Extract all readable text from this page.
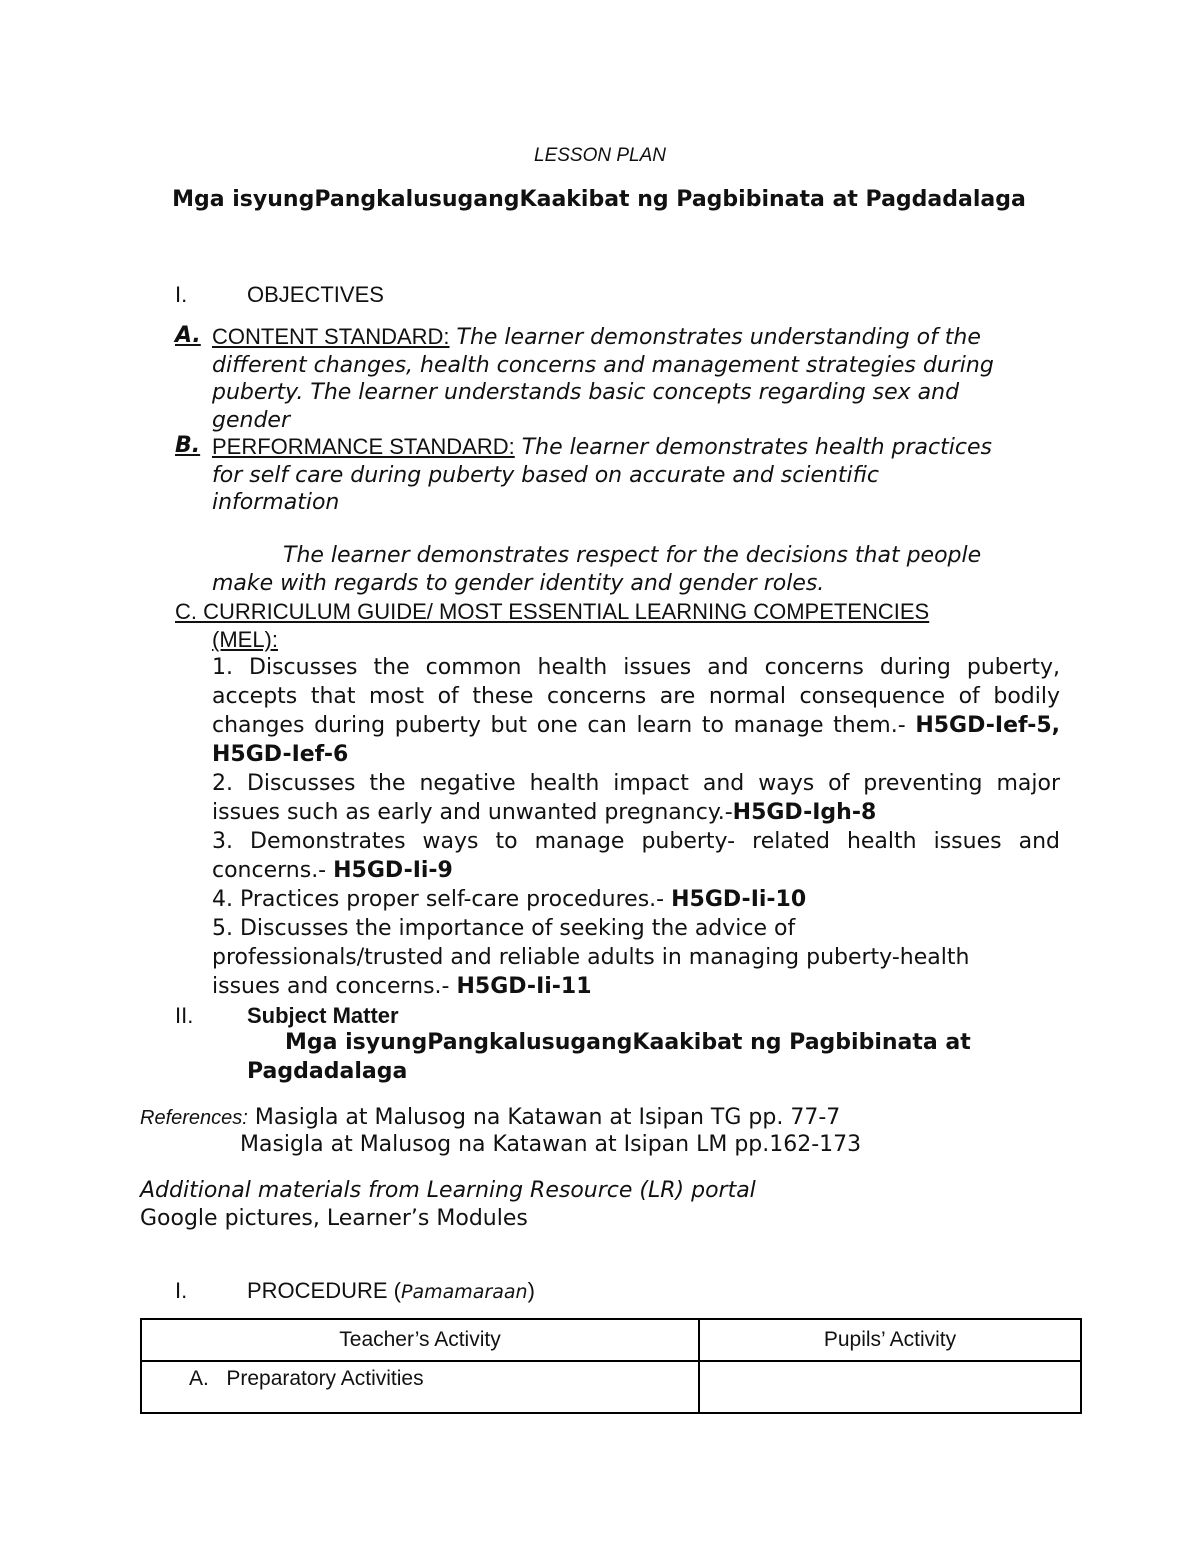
LESSON PLAN
Mga isyungPangkalusugangKaakibat ng Pagbibinata at Pagdadalaga
I.	OBJECTIVES
A. CONTENT STANDARD: The learner demonstrates understanding of the
different changes, health concerns and management strategies during
puberty. The learner understands basic concepts regarding sex and
gender
B. PERFORMANCE STANDARD: The learner demonstrates health practices
for self care during puberty based on accurate and scientific
information
The learner demonstrates respect for the decisions that people
make with regards to gender identity and gender roles.
C. CURRICULUM GUIDE/ MOST ESSENTIAL LEARNING COMPETENCIES
(MEL):
1. Discusses the common health issues and concerns during puberty, accepts that most of these concerns are normal consequence of bodily changes during puberty but one can learn to manage them.- H5GD-Ief-5, H5GD-Ief-6
2. Discusses the negative health impact and ways of preventing major issues such as early and unwanted pregnancy.-H5GD-Igh-8
3. Demonstrates ways to manage puberty- related health issues and concerns.- H5GD-Ii-9
4. Practices proper self-care procedures.- H5GD-Ii-10
5. Discusses the importance of seeking the advice of professionals/trusted and reliable adults in managing puberty-health issues and concerns.- H5GD-Ii-11
II. Subject Matter
Mga isyungPangkalusugangKaakibat ng Pagbibinata at
Pagdadalaga
References: Masigla at Malusog na Katawan at Isipan TG pp. 77-7
Masigla at Malusog na Katawan at Isipan LM pp.162-173
Additional materials from Learning Resource (LR) portal
Google pictures, Learner’s Modules
I.	PROCEDURE (Pamamaraan)
Teacher’s Activity	Pupils’ Activity

A.   Preparatory Activities	
